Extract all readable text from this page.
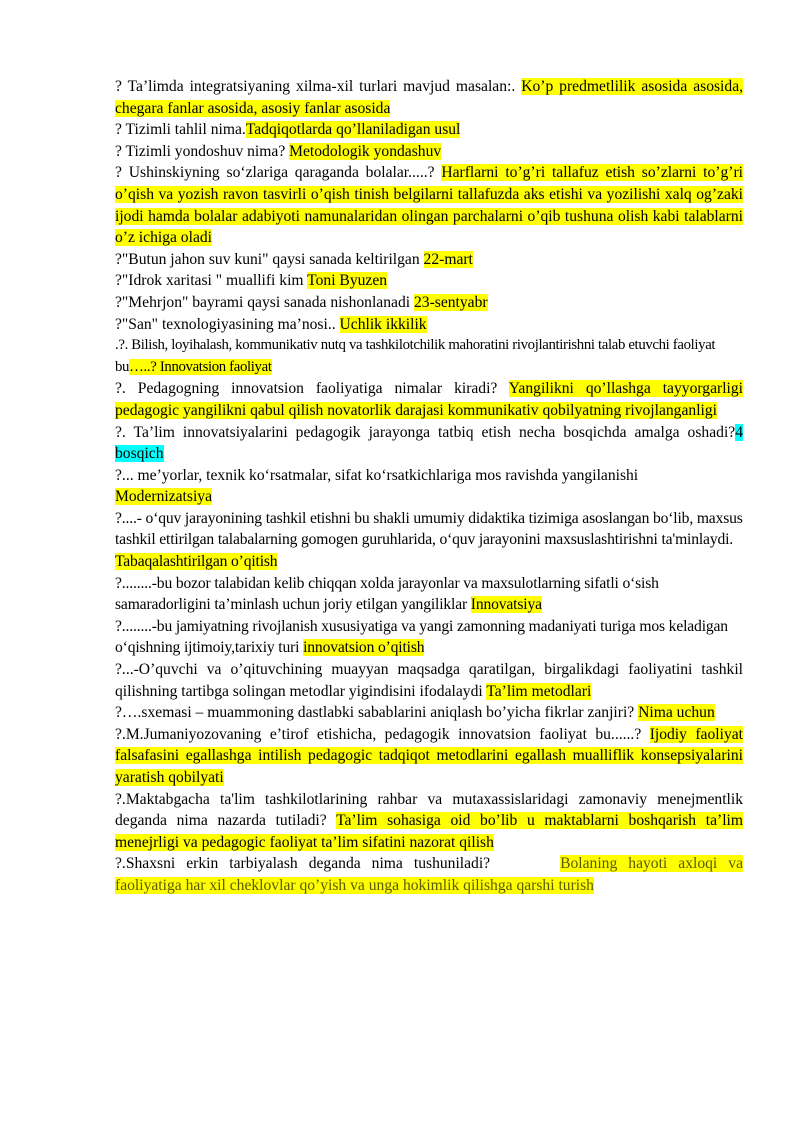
? Ta’limda integratsiyaning xilma-xil turlari mavjud masalan:. Ko’p predmetlilik asosida asosida, chegara fanlar asosida, asosiy fanlar asosida

? Tizimli tahlil nima.Tadqiqotlarda qo’llaniladigan usul

? Tizimli yondoshuv nima? Metodologik yondashuv

? Ushinskiyning so‘zlariga qaraganda bolalar.....? Harflarni to’g’ri tallafuz etish so’zlarni to’g’ri o’qish va yozish ravon tasvirli o’qish tinish belgilarni tallafuzda aks etishi va yozilishi xalq og’zaki ijodi hamda bolalar adabiyoti namunalaridan olingan parchalarni o’qib tushuna olish kabi talablarni o’z ichiga oladi

?"Butun jahon suv kuni" qaysi sanada keltirilgan 22-mart

?"Idrok xaritasi " muallifi kim Toni Byuzen

?"Mehrjon" bayrami qaysi sanada nishonlanadi 23-sentyabr

?"San" texnologiyasining ma’nosi.. Uchlik ikkilik

.?. Bilish, loyihalash, kommunikativ nutq va tashkilotchilik mahoratini rivojlantirishni talab etuvchi faoliyat bu…..? Innovatsion faoliyat

?. Pedagogning innovatsion faoliyatiga nimalar kiradi? Yangilikni qo’llashga tayyorgarligi pedagogic yangilikni qabul qilish novatorlik darajasi kommunikativ qobilyatning rivojlanganligi

?. Ta’lim innovatsiyalarini pedagogik jarayonga tatbiq etish necha bosqichda amalga oshadi?4 bosqich

?... me’yorlar, texnik ko‘rsatmalar, sifat ko‘rsatkichlariga mos ravishda yangilanishi Modernizatsiya

?....- o‘quv jarayonining tashkil etishni bu shakli umumiy didaktika tizimiga asoslangan bo‘lib, maxsus tashkil ettirilgan talabalarning gomogen guruhlarida, o‘quv jarayonini maxsuslashtirishni ta'minlaydi. Tabaqalashtirilgan o’qitish

?........-bu bozor talabidan kelib chiqqan xolda jarayonlar va maxsulotlarning sifatli o‘sish samaradorligini ta’minlash uchun joriy etilgan yangiliklar Innovatsiya

?........-bu jamiyatning rivojlanish xususiyatiga va yangi zamonning madaniyati turiga mos keladigan o‘qishning ijtimoiy,tarixiy turi innovatsion o’qitish

?...-O’quvchi va o’qituvchining muayyan maqsadga qaratilgan, birgalikdagi faoliyatini tashkil qilishning tartibga solingan metodlar yigindisini ifodalaydi Ta’lim metodlari

?….sxemasi – muammoning dastlabki sabablarini aniqlash bo’yicha fikrlar zanjiri? Nima uchun

?.M.Jumaniyozovaning e’tirof etishicha, pedagogik innovatsion faoliyat bu......? Ijodiy faoliyat falsafasini egallashga intilish pedagogic tadqiqot metodlarini egallash mualliflik konsepsiyalarini yaratish qobilyati

?.Maktabgacha ta'lim tashkilotlarining rahbar va mutaxassislaridagi zamonaviy menejmentlik deganda nima nazarda tutiladi? Ta’lim sohasiga oid bo’lib u maktablarni boshqarish ta’lim menejrligi va pedagogic faoliyat ta’lim sifatini nazorat qilish

?.Shaxsni erkin tarbiyalash deganda nima tushuniladi?	Bolaning hayoti axloqi va faoliyatiga har xil cheklovlar qo’yish va unga hokimlik qilishga qarshi turish
